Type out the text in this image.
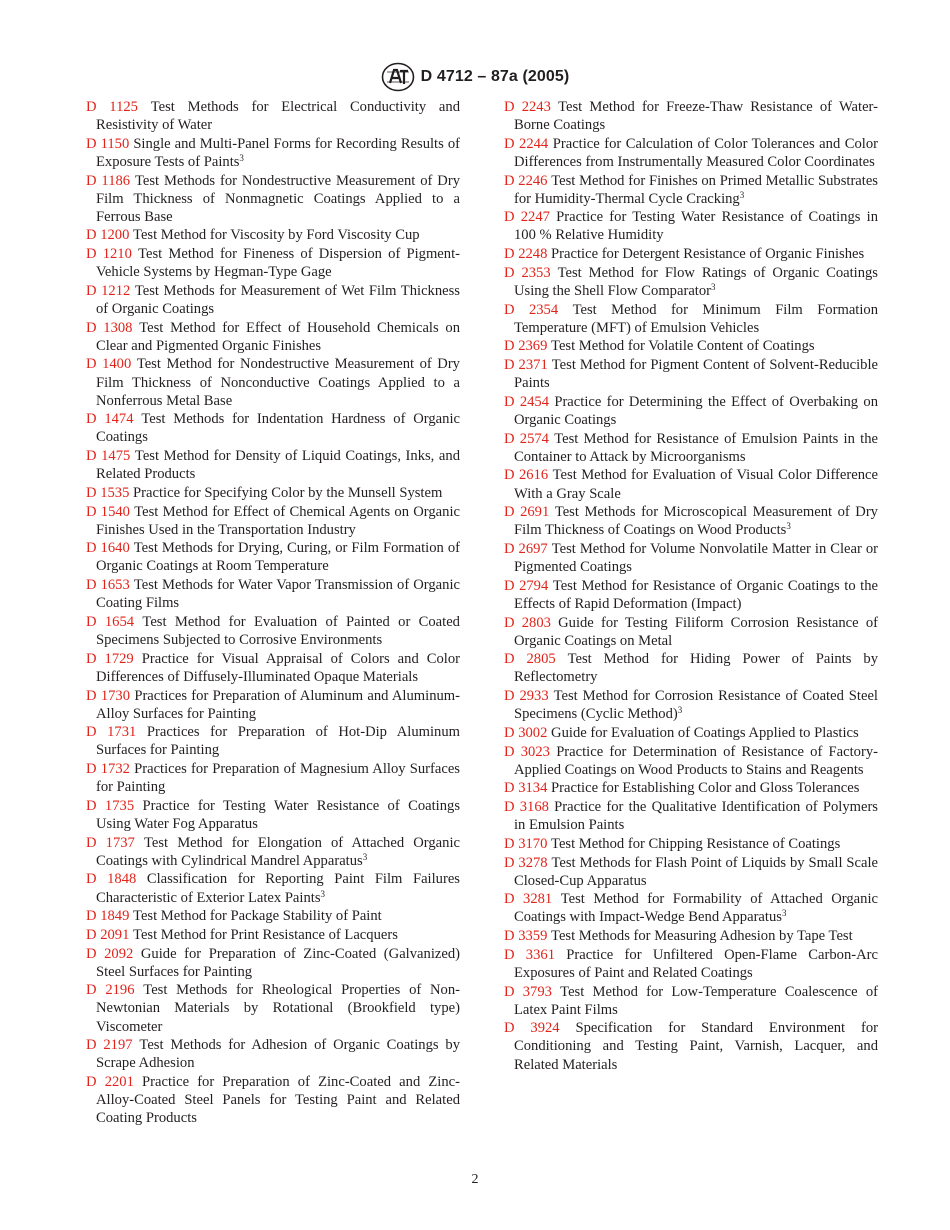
D 4712 – 87a (2005)

D 1125 Test Methods for Electrical Conductivity and Resistivity of Water

D 1150 Single and Multi-Panel Forms for Recording Results of Exposure Tests of Paints$^3$

D 1186 Test Methods for Nondestructive Measurement of Dry Film Thickness of Nonmagnetic Coatings Applied to a Ferrous Base

D 1200 Test Method for Viscosity by Ford Viscosity Cup

D 1210 Test Method for Fineness of Dispersion of Pigment-Vehicle Systems by Hegman-Type Gage

D 1212 Test Methods for Measurement of Wet Film Thickness of Organic Coatings

D 1308 Test Method for Effect of Household Chemicals on Clear and Pigmented Organic Finishes

D 1400 Test Method for Nondestructive Measurement of Dry Film Thickness of Nonconductive Coatings Applied to a Nonferrous Metal Base

D 1474 Test Methods for Indentation Hardness of Organic Coatings

D 1475 Test Method for Density of Liquid Coatings, Inks, and Related Products

D 1535 Practice for Specifying Color by the Munsell System

D 1540 Test Method for Effect of Chemical Agents on Organic Finishes Used in the Transportation Industry

D 1640 Test Methods for Drying, Curing, or Film Formation of Organic Coatings at Room Temperature

D 1653 Test Methods for Water Vapor Transmission of Organic Coating Films

D 1654 Test Method for Evaluation of Painted or Coated Specimens Subjected to Corrosive Environments

D 1729 Practice for Visual Appraisal of Colors and Color Differences of Diffusely-Illuminated Opaque Materials

D 1730 Practices for Preparation of Aluminum and Aluminum-Alloy Surfaces for Painting

D 1731 Practices for Preparation of Hot-Dip Aluminum Surfaces for Painting

D 1732 Practices for Preparation of Magnesium Alloy Surfaces for Painting

D 1735 Practice for Testing Water Resistance of Coatings Using Water Fog Apparatus

D 1737 Test Method for Elongation of Attached Organic Coatings with Cylindrical Mandrel Apparatus$^3$

D 1848 Classification for Reporting Paint Film Failures Characteristic of Exterior Latex Paints$^3$

D 1849 Test Method for Package Stability of Paint

D 2091 Test Method for Print Resistance of Lacquers

D 2092 Guide for Preparation of Zinc-Coated (Galvanized) Steel Surfaces for Painting

D 2196 Test Methods for Rheological Properties of Non-Newtonian Materials by Rotational (Brookfield type) Viscometer

D 2197 Test Methods for Adhesion of Organic Coatings by Scrape Adhesion

D 2201 Practice for Preparation of Zinc-Coated and Zinc-Alloy-Coated Steel Panels for Testing Paint and Related Coating Products

D 2243 Test Method for Freeze-Thaw Resistance of Water-Borne Coatings

D 2244 Practice for Calculation of Color Tolerances and Color Differences from Instrumentally Measured Color Coordinates

D 2246 Test Method for Finishes on Primed Metallic Substrates for Humidity-Thermal Cycle Cracking$^3$

D 2247 Practice for Testing Water Resistance of Coatings in 100 % Relative Humidity

D 2248 Practice for Detergent Resistance of Organic Finishes

D 2353 Test Method for Flow Ratings of Organic Coatings Using the Shell Flow Comparator$^3$

D 2354 Test Method for Minimum Film Formation Temperature (MFT) of Emulsion Vehicles

D 2369 Test Method for Volatile Content of Coatings

D 2371 Test Method for Pigment Content of Solvent-Reducible Paints

D 2454 Practice for Determining the Effect of Overbaking on Organic Coatings

D 2574 Test Method for Resistance of Emulsion Paints in the Container to Attack by Microorganisms

D 2616 Test Method for Evaluation of Visual Color Difference With a Gray Scale

D 2691 Test Methods for Microscopical Measurement of Dry Film Thickness of Coatings on Wood Products$^3$

D 2697 Test Method for Volume Nonvolatile Matter in Clear or Pigmented Coatings

D 2794 Test Method for Resistance of Organic Coatings to the Effects of Rapid Deformation (Impact)

D 2803 Guide for Testing Filiform Corrosion Resistance of Organic Coatings on Metal

D 2805 Test Method for Hiding Power of Paints by Reflectometry

D 2933 Test Method for Corrosion Resistance of Coated Steel Specimens (Cyclic Method)$^3$

D 3002 Guide for Evaluation of Coatings Applied to Plastics

D 3023 Practice for Determination of Resistance of Factory-Applied Coatings on Wood Products to Stains and Reagents

D 3134 Practice for Establishing Color and Gloss Tolerances

D 3168 Practice for the Qualitative Identification of Polymers in Emulsion Paints

D 3170 Test Method for Chipping Resistance of Coatings

D 3278 Test Methods for Flash Point of Liquids by Small Scale Closed-Cup Apparatus

D 3281 Test Method for Formability of Attached Organic Coatings with Impact-Wedge Bend Apparatus$^3$

D 3359 Test Methods for Measuring Adhesion by Tape Test

D 3361 Practice for Unfiltered Open-Flame Carbon-Arc Exposures of Paint and Related Coatings

D 3793 Test Method for Low-Temperature Coalescence of Latex Paint Films

D 3924 Specification for Standard Environment for Conditioning and Testing Paint, Varnish, Lacquer, and Related Materials

2
